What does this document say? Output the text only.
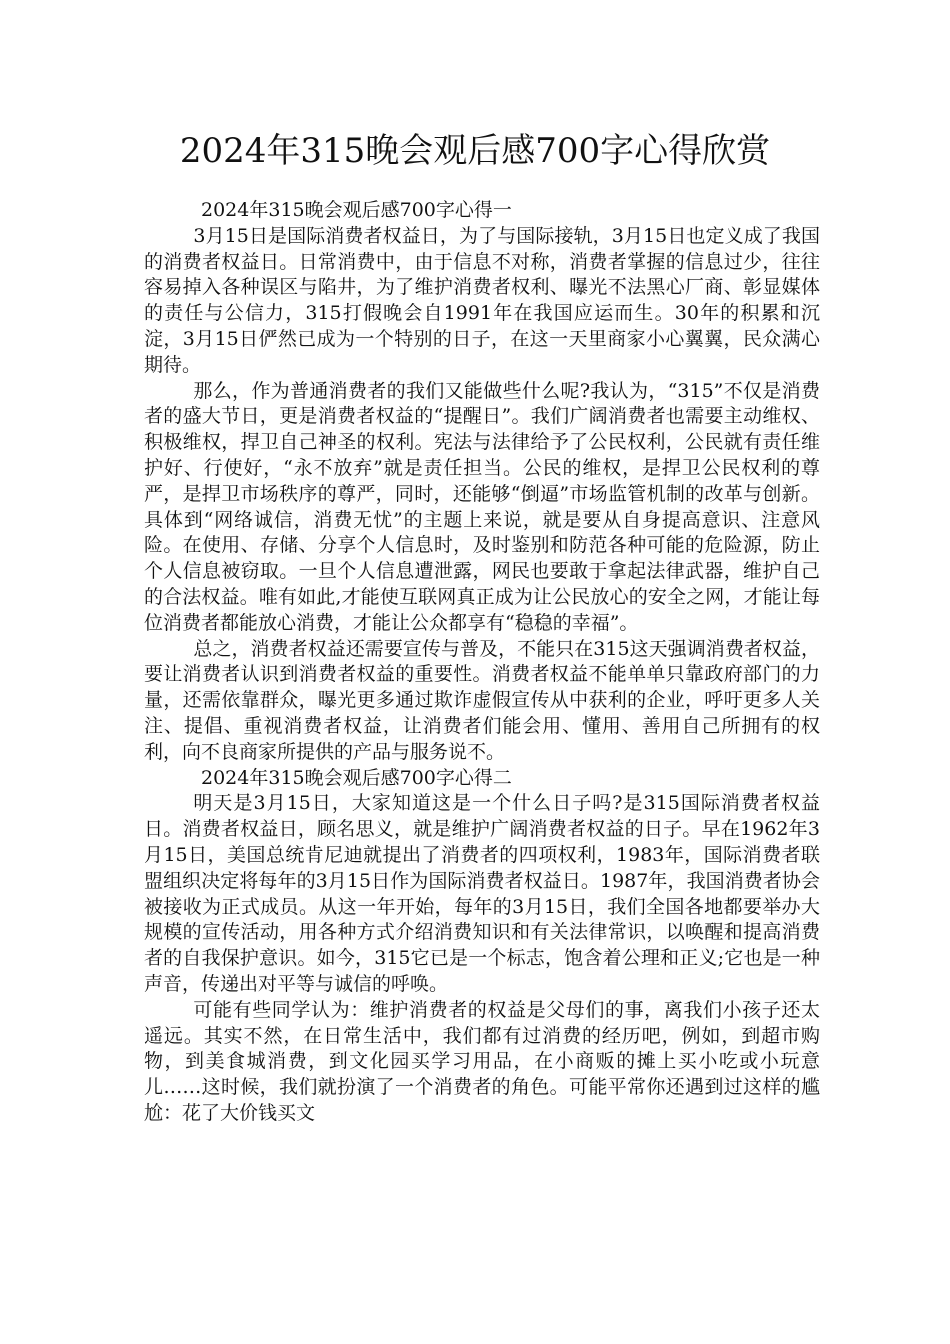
2024年315晚会观后感700字心得欣赏

2024年315晚会观后感700字心得一

3月15日是国际消费者权益日，为了与国际接轨，3月15日也定义成了我国的消费者权益日。日常消费中，由于信息不对称，消费者掌握的信息过少，往往容易掉入各种误区与陷井，为了维护消费者权利、曝光不法黑心厂商、彰显媒体的责任与公信力，315打假晚会自1991年在我国应运而生。30年的积累和沉淀，3月15日俨然已成为一个特别的日子，在这一天里商家小心翼翼，民众满心期待。

那么，作为普通消费者的我们又能做些什么呢?我认为，“315”不仅是消费者的盛大节日，更是消费者权益的“提醒日”。我们广阔消费者也需要主动维权、积极维权，捍卫自己神圣的权利。宪法与法律给予了公民权利，公民就有责任维护好、行使好，“永不放弃”就是责任担当。公民的维权，是捍卫公民权利的尊严，是捍卫市场秩序的尊严，同时，还能够“倒逼”市场监管机制的改革与创新。具体到“网络诚信，消费无忧”的主题上来说，就是要从自身提高意识、注意风险。在使用、存储、分享个人信息时，及时鉴别和防范各种可能的危险源，防止个人信息被窃取。一旦个人信息遭泄露，网民也要敢于拿起法律武器，维护自己的合法权益。唯有如此,才能使互联网真正成为让公民放心的安全之网，才能让每位消费者都能放心消费，才能让公众都享有“稳稳的幸福”。

总之，消费者权益还需要宣传与普及，不能只在315这天强调消费者权益，要让消费者认识到消费者权益的重要性。消费者权益不能单单只靠政府部门的力量，还需依靠群众，曝光更多通过欺诈虚假宣传从中获利的企业，呼吁更多人关注、提倡、重视消费者权益，让消费者们能会用、懂用、善用自己所拥有的权利，向不良商家所提供的产品与服务说不。

2024年315晚会观后感700字心得二

明天是3月15日，大家知道这是一个什么日子吗?是315国际消费者权益日。消费者权益日，顾名思义，就是维护广阔消费者权益的日子。早在1962年3月15日，美国总统肯尼迪就提出了消费者的四项权利，1983年，国际消费者联盟组织决定将每年的3月15日作为国际消费者权益日。1987年，我国消费者协会被接收为正式成员。从这一年开始，每年的3月15日，我们全国各地都要举办大规模的宣传活动，用各种方式介绍消费知识和有关法律常识，以唤醒和提高消费者的自我保护意识。如今，315它已是一个标志，饱含着公理和正义;它也是一种声音，传递出对平等与诚信的呼唤。

可能有些同学认为：维护消费者的权益是父母们的事，离我们小孩子还太遥远。其实不然，在日常生活中，我们都有过消费的经历吧，例如，到超市购物，到美食城消费，到文化园买学习用品，在小商贩的摊上买小吃或小玩意儿……这时候，我们就扮演了一个消费者的角色。可能平常你还遇到过这样的尴尬：花了大价钱买文
